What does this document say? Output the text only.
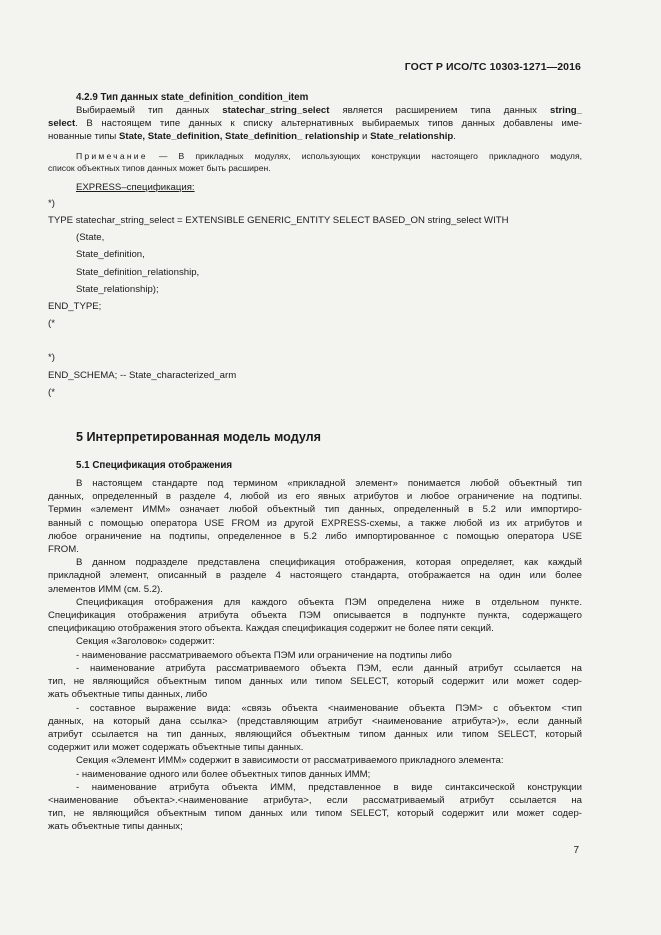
ГОСТ Р ИСО/ТС 10303-1271—2016
4.2.9 Тип данных state_definition_condition_item
Выбираемый тип данных statechar_string_select является расширением типа данных string_
select. В настоящем типе данных к списку альтернативных выбираемых типов данных добавлены име-
нованные типы State, State_definition, State_definition_ relationship и State_relationship.
Примечание — В прикладных модулях, использующих конструкции настоящего прикладного модуля,
список объектных типов данных может быть расширен.
EXPRESS–спецификация:
*)
TYPE statechar_string_select = EXTENSIBLE GENERIC_ENTITY SELECT BASED_ON string_select WITH
(State,
State_definition,
State_definition_relationship,
State_relationship);
END_TYPE;
(*
*)
END_SCHEMA; -- State_characterized_arm
(*
5 Интерпретированная модель модуля
5.1 Спецификация отображения
В настоящем стандарте под термином «прикладной элемент» понимается любой объектный тип
данных, определенный в разделе 4, любой из его явных атрибутов и любое ограничение на подтипы.
Термин «элемент ИММ» означает любой объектный тип данных, определенный в 5.2 или импортиро-
ванный с помощью оператора USE FROM из другой EXPRESS-схемы, а также любой из их атрибутов и
любое ограничение на подтипы, определенное в 5.2 либо импортированное с помощью оператора USE
FROM.
В данном подразделе представлена спецификация отображения, которая определяет, как каждый
прикладной элемент, описанный в разделе 4 настоящего стандарта, отображается на один или более
элементов ИММ (см. 5.2).
Спецификация отображения для каждого объекта ПЭМ определена ниже в отдельном пункте.
Спецификация отображения атрибута объекта ПЭМ описывается в подпункте пункта, содержащего
спецификацию отображения этого объекта. Каждая спецификация содержит не более пяти секций.
Секция «Заголовок» содержит:
- наименование рассматриваемого объекта ПЭМ или ограничение на подтипы либо
- наименование атрибута рассматриваемого объекта ПЭМ, если данный атрибут ссылается на
тип, не являющийся объектным типом данных или типом SELECT, который содержит или может содер-
жать объектные типы данных, либо
- составное выражение вида: «связь объекта <наименование объекта ПЭМ> с объектом <тип
данных, на который дана ссылка> (представляющим атрибут <наименование атрибута>)», если данный
атрибут ссылается на тип данных, являющийся объектным типом данных или типом SELECT, который
содержит или может содержать объектные типы данных.
Секция «Элемент ИММ» содержит в зависимости от рассматриваемого прикладного элемента:
- наименование одного или более объектных типов данных ИММ;
- наименование атрибута объекта ИММ, представленное в виде синтаксической конструкции
<наименование объекта>.<наименование атрибута>, если рассматриваемый атрибут ссылается на
тип, не являющийся объектным типом данных или типом SELECT, который содержит или может содер-
жать объектные типы данных;
7
